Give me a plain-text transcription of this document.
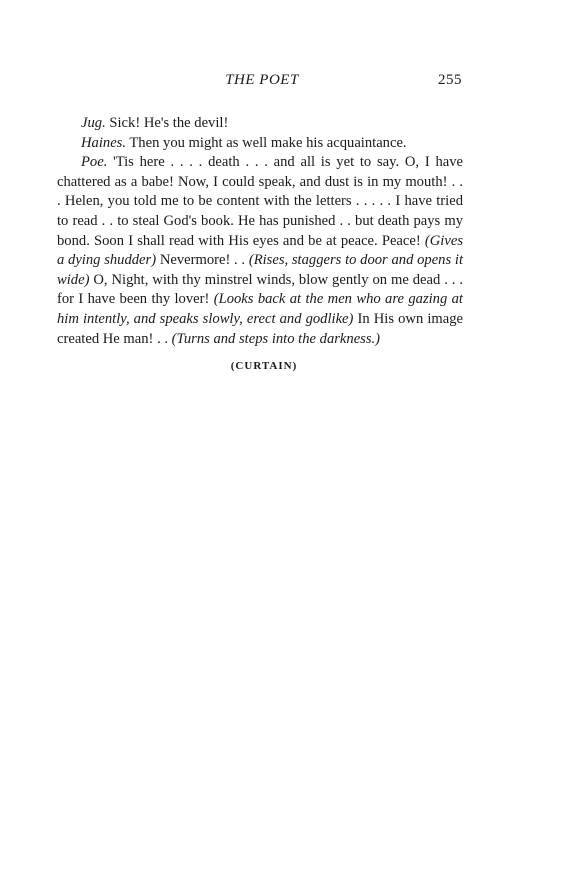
THE POET	255

Jug. Sick! He's the devil!

Haines. Then you might as well make his acquaintance.

Poe. 'Tis here . . . . death . . . and all is yet to say. O, I have chattered as a babe! Now, I could speak, and dust is in my mouth! . . . Helen, you told me to be content with the letters . . . . . I have tried to read . . to steal God's book. He has punished . . but death pays my bond. Soon I shall read with His eyes and be at peace. Peace! (Gives a dying shudder) Nevermore! . . (Rises, staggers to door and opens it wide) O, Night, with thy minstrel winds, blow gently on me dead . . . for I have been thy lover! (Looks back at the men who are gazing at him intently, and speaks slowly, erect and godlike) In His own image created He man! . . (Turns and steps into the darkness.)

(CURTAIN)
